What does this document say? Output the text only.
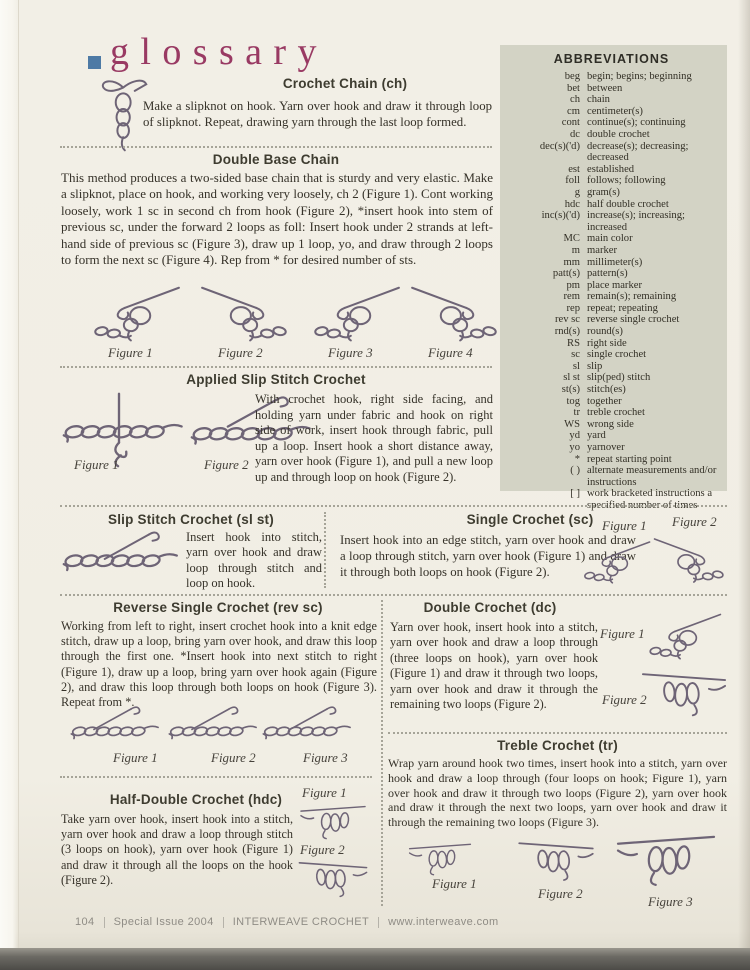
glossary
Crochet Chain (ch)
Make a slipknot on hook. Yarn over hook and draw it through loop of slipknot. Repeat, drawing yarn through the last loop formed.
Double Base Chain
This method produces a two-sided base chain that is sturdy and very elastic. Make a slipknot, place on hook, and working very loosely, ch 2 (Figure 1). Cont working loosely, work 1 sc in second ch from hook (Figure 2), *insert hook into stem of previous sc, under the forward 2 loops as foll: Insert hook under 2 strands at left-hand side of previous sc (Figure 3), draw up 1 loop, yo, and draw through 2 loops to form the next sc (Figure 4). Rep from * for desired number of sts.
Figure 1	Figure 2	Figure 3	Figure 4
Applied Slip Stitch Crochet
Figure 1	Figure 2
With crochet hook, right side facing, and holding yarn under fabric and hook on right side of work, insert hook through fabric, pull up a loop. Insert hook a short distance away, yarn over hook (Figure 1), and pull a new loop up and through loop on hook (Figure 2).
ABBREVIATIONS
beg begin; begins; beginning
bet between
ch chain
cm centimeter(s)
cont continue(s); continuing
dc double crochet
dec(s)('d) decrease(s); decreasing; decreased
est established
foll follows; following
g gram(s)
hdc half double crochet
inc(s)('d) increase(s); increasing; increased
MC main color
m marker
mm millimeter(s)
patt(s) pattern(s)
pm place marker
rem remain(s); remaining
rep repeat; repeating
rev sc reverse single crochet
rnd(s) round(s)
RS right side
sc single crochet
sl slip
sl st slip(ped) stitch
st(s) stitch(es)
tog together
tr treble crochet
WS wrong side
yd yard
yo yarnover
* repeat starting point
( ) alternate measurements and/or instructions
[ ] work bracketed instructions a specified number of times
Slip Stitch Crochet (sl st)
Insert hook into stitch, yarn over hook and draw loop through stitch and loop on hook.
Single Crochet (sc)
Insert hook into an edge stitch, yarn over hook and draw a loop through stitch, yarn over hook (Figure 1) and draw it through both loops on hook (Figure 2).
Figure 1 Figure 2
Reverse Single Crochet (rev sc)
Working from left to right, insert crochet hook into a knit edge stitch, draw up a loop, bring yarn over hook, and draw this loop through the first one. *Insert hook into next stitch to right (Figure 1), draw up a loop, bring yarn over hook again (Figure 2), and draw this loop through both loops on hook (Figure 3). Repeat from *.
Figure 1	Figure 2	Figure 3
Half-Double Crochet (hdc)
Take yarn over hook, insert hook into a stitch, yarn over hook and draw a loop through stitch (3 loops on hook), yarn over hook (Figure 1) and draw it through all the loops on the hook (Figure 2).
Figure 1
Figure 2
Double Crochet (dc)
Yarn over hook, insert hook into a stitch, yarn over hook and draw a loop through (three loops on hook), yarn over hook (Figure 1) and draw it through two loops, yarn over hook and draw it through the remaining two loops (Figure 2).
Figure 1
Figure 2
Treble Crochet (tr)
Wrap yarn around hook two times, insert hook into a stitch, yarn over hook and draw a loop through (four loops on hook; Figure 1), yarn over hook and draw it through two loops (Figure 2), yarn over hook and draw it through the next two loops, yarn over hook and draw it through the remaining two loops (Figure 3).
Figure 1
Figure 2
Figure 3
104 Special Issue 2004 INTERWEAVE CROCHET www.interweave.com
